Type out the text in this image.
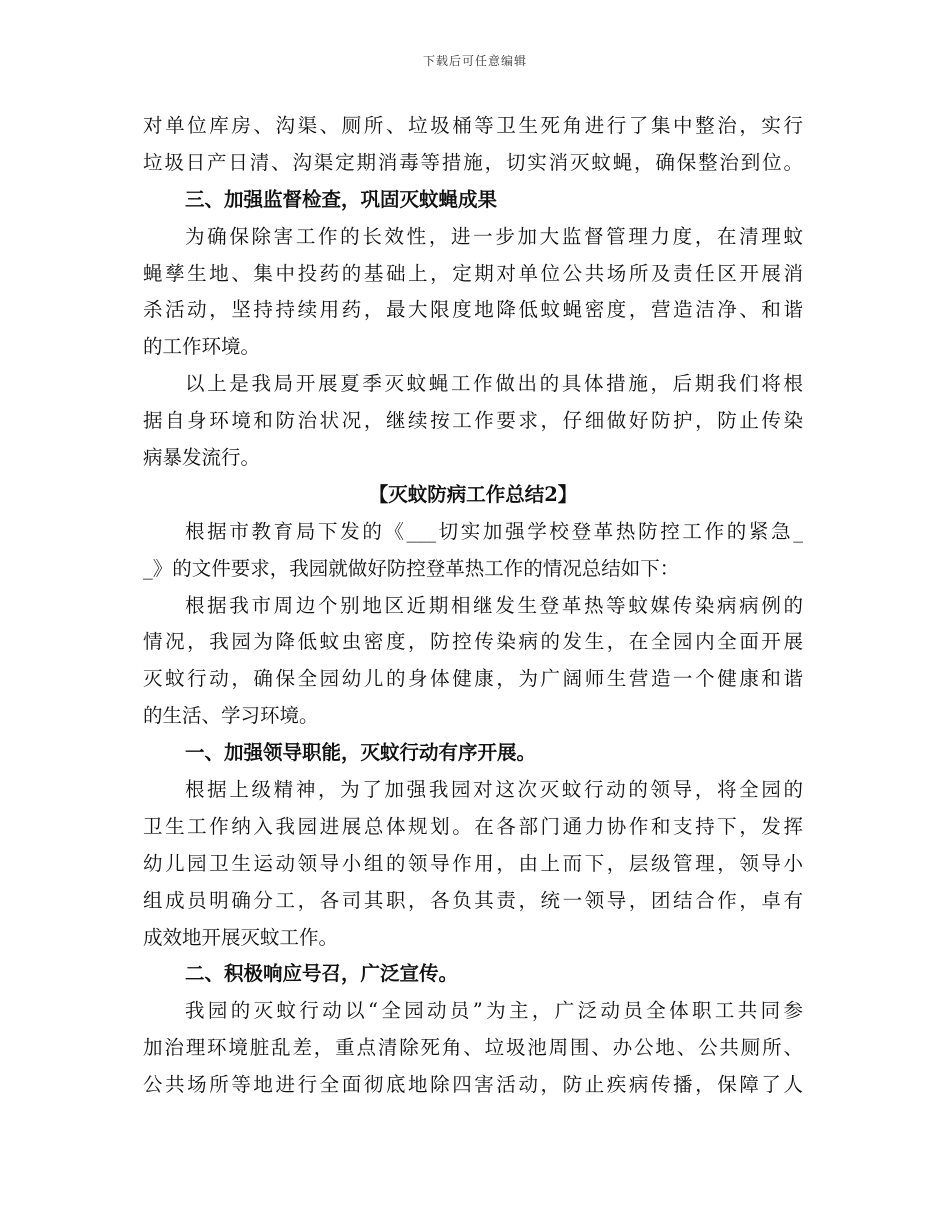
下载后可任意编辑
对单位库房、沟渠、厕所、垃圾桶等卫生死角进行了集中整治，实行
垃圾日产日清、沟渠定期消毒等措施，切实消灭蚊蝇，确保整治到位。
三、加强监督检查，巩固灭蚊蝇成果
为确保除害工作的长效性，进一步加大监督管理力度，在清理蚊
蝇孳生地、集中投药的基础上，定期对单位公共场所及责任区开展消
杀活动，坚持持续用药，最大限度地降低蚊蝇密度，营造洁净、和谐
的工作环境。
以上是我局开展夏季灭蚊蝇工作做出的具体措施，后期我们将根
据自身环境和防治状况，继续按工作要求，仔细做好防护，防止传染
病暴发流行。
【灭蚊防病工作总结2】
根据市教育局下发的《___切实加强学校登革热防控工作的紧急_
_》的文件要求，我园就做好防控登革热工作的情况总结如下：
根据我市周边个别地区近期相继发生登革热等蚊媒传染病病例的
情况，我园为降低蚊虫密度，防控传染病的发生，在全园内全面开展
灭蚊行动，确保全园幼儿的身体健康，为广阔师生营造一个健康和谐
的生活、学习环境。
一、加强领导职能，灭蚊行动有序开展。
根据上级精神，为了加强我园对这次灭蚊行动的领导，将全园的
卫生工作纳入我园进展总体规划。在各部门通力协作和支持下，发挥
幼儿园卫生运动领导小组的领导作用，由上而下，层级管理，领导小
组成员明确分工，各司其职，各负其责，统一领导，团结合作，卓有
成效地开展灭蚊工作。
二、积极响应号召，广泛宣传。
我园的灭蚊行动以“全园动员”为主，广泛动员全体职工共同参
加治理环境脏乱差，重点清除死角、垃圾池周围、办公地、公共厕所、
公共场所等地进行全面彻底地除四害活动，防止疾病传播，保障了人
